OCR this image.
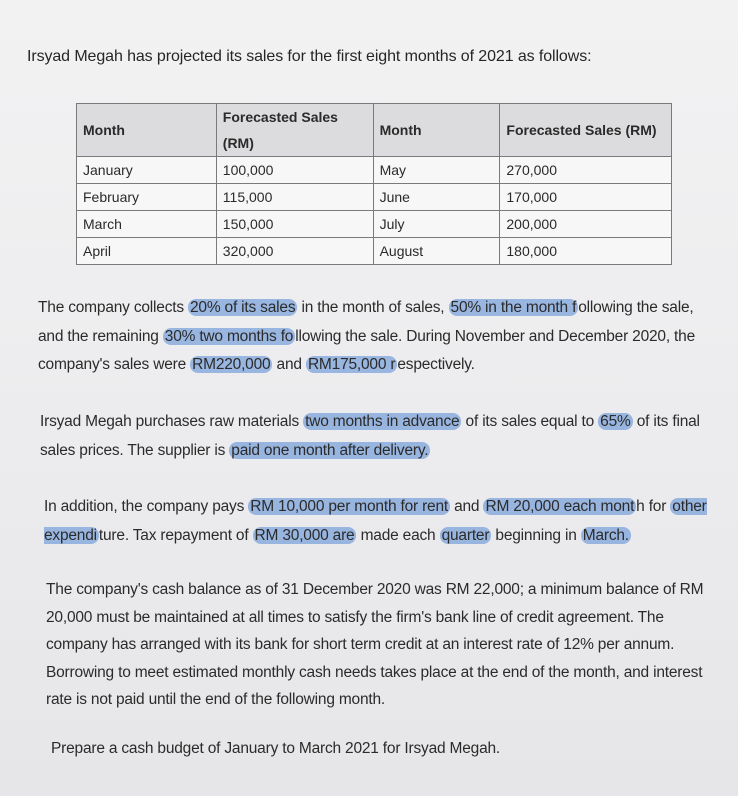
Irsyad Megah has projected its sales for the first eight months of 2021 as follows:

Month	Forecasted Sales (RM)	Month	Forecasted Sales (RM)
January	100,000	May	270,000
February	115,000	June	170,000
March	150,000	July	200,000
April	320,000	August	180,000

The company collects 20% of its sales in the month of sales, 50% in the month f ollowing the sale, and the remaining 30% two months fo llowing the sale. During November and December 2020, the company's sales were RM220,000 and RM175,000 r espectively.

Irsyad Megah purchases raw materials two months in advance of its sales equal to 65% of its final sales prices. The supplier is paid one month after delivery.

In addition, the company pays RM 10,000 per month for rent and RM 20,000 each mont h for other expendi ture. Tax repayment of RM 30,000 are made each quarter beginning in March.

The company's cash balance as of 31 December 2020 was RM 22,000; a minimum balance of RM 20,000 must be maintained at all times to satisfy the firm's bank line of credit agreement. The company has arranged with its bank for short term credit at an interest rate of 12% per annum. Borrowing to meet estimated monthly cash needs takes place at the end of the month, and interest rate is not paid until the end of the following month.

Prepare a cash budget of January to March 2021 for Irsyad Megah.
